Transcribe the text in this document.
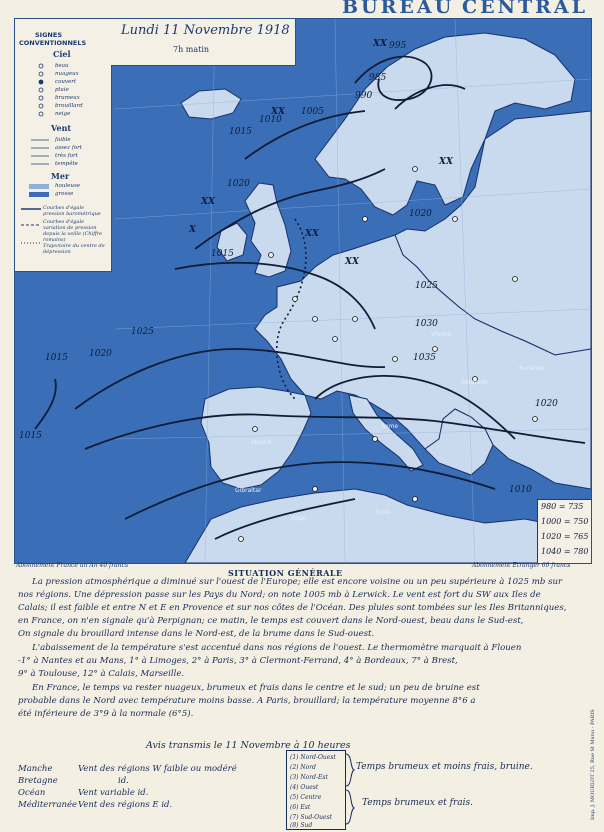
BUREAU CENTRAL
SIGNES
CONVENTIONNELS
Ciel
beau
nuageux
couvert
pluie
brumeux
brouillard
neige
Vent
faible
assez fort
très fort
tempête
Mer
houleuse
grosse
Courbes d'égale pression barométrique
Courbes d'égale variation de pression depuis la veille (Chiffre romains)
Trajectoire du centre de dépression
Lundi 11 Novembre 1918
7h matin
Vienne
Belgrade
Bucarest
Gibraltar
Alger
Tunis
Madrid
Rome
1015 1020
1025
1030
1035
1020
1025
1015
995
985
990
1005
1010
1015
1020
1015
1010
1020
XX
XX
XX
XX
X	XX
XX
980 = 735
1000 = 750
1020 = 765
1040 = 780
Abonnement France un An 40 francs	Abonnement Etranger 60 francs
Imp. J. MOURLOT 25, Rue St Manu - PARIS
SITUATION GÉNÉRALE
La pression atmosphérique a diminué sur l'ouest de l'Europe; elle est encore voisine ou un peu supérieure à 1025 mb sur
nos régions. Une dépression passe sur les Pays du Nord; on note 1005 mb à Lerwick. Le vent est fort du SW aux Iles de
Calais; il est faible et entre N et E en Provence et sur nos côtes de l'Océan. Des pluies sont tombées sur les Iles Britanniques,
en France, on n'en signale qu'à Perpignan; ce matin, le temps est couvert dans le Nord-ouest, beau dans le Sud-est,
On signale du brouillard intense dans le Nord-est, de la brume dans le Sud-ouest.
L'abaissement de la température s'est accentué dans nos régions de l'ouest. Le thermomètre marquait à Flouen
-1° à Nantes et au Mans, 1° à Limoges, 2° à Paris, 3° à Clermont-Ferrand, 4° à Bordeaux, 7° à Brest,
9° à Toulouse, 12° à Calais, Marseille.
En France, le temps va rester nuageux, brumeux et frais dans le centre et le sud; un peu de bruine est
probable dans le Nord avec température moins basse. A Paris, brouillard; la température moyenne 8°6 a
été inférieure de 3°9 à la normale (6°5).
Avis transmis le 11 Novembre à 10 heures
Manche	Vent des régions W faible ou modéré
Bretagne	id.
Océan	Vent variable id.
Méditerranée Vent des régions E id.
(1) Nord-Ouest
(2) Nord
(3) Nord-Est
(4) Ouest
(5) Centre
(6) Est
(7) Sud-Ouest
(8) Sud
Temps brumeux et moins frais, bruine.
Temps brumeux et frais.
